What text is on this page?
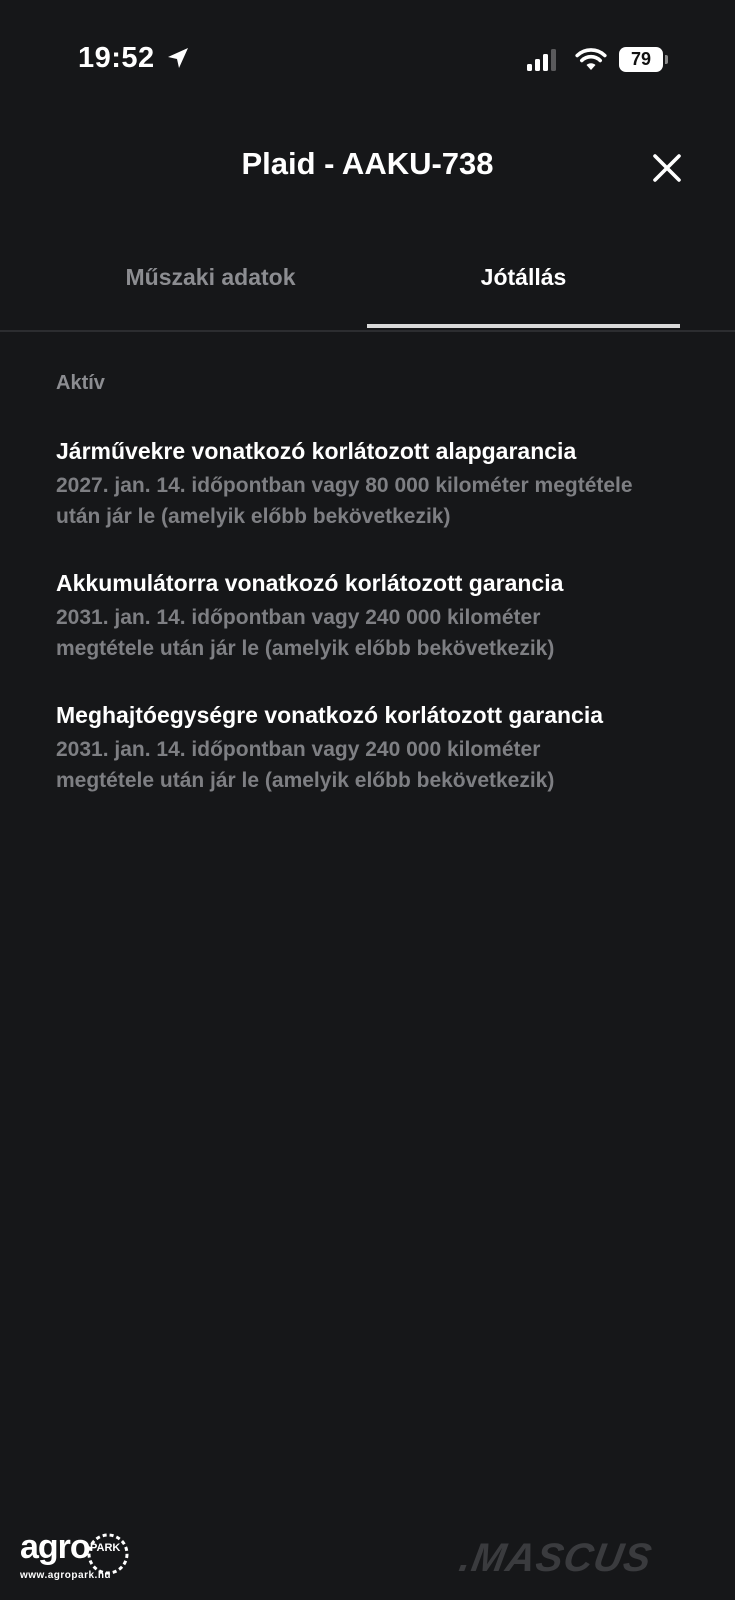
19:52	79
Plaid - AAKU-738
Műszaki adatok	Jótállás
Aktív
Járművekre vonatkozó korlátozott alapgarancia
2027. jan. 14. időpontban vagy 80 000 kilométer megtétele
után jár le (amelyik előbb bekövetkezik)
Akkumulátorra vonatkozó korlátozott garancia
2031. jan. 14. időpontban vagy 240 000 kilométer
megtétele után jár le (amelyik előbb bekövetkezik)
Meghajtóegységre vonatkozó korlátozott garancia
2031. jan. 14. időpontban vagy 240 000 kilométer
megtétele után jár le (amelyik előbb bekövetkezik)
agro PARK
www.agropark.hu	.MASCUS
